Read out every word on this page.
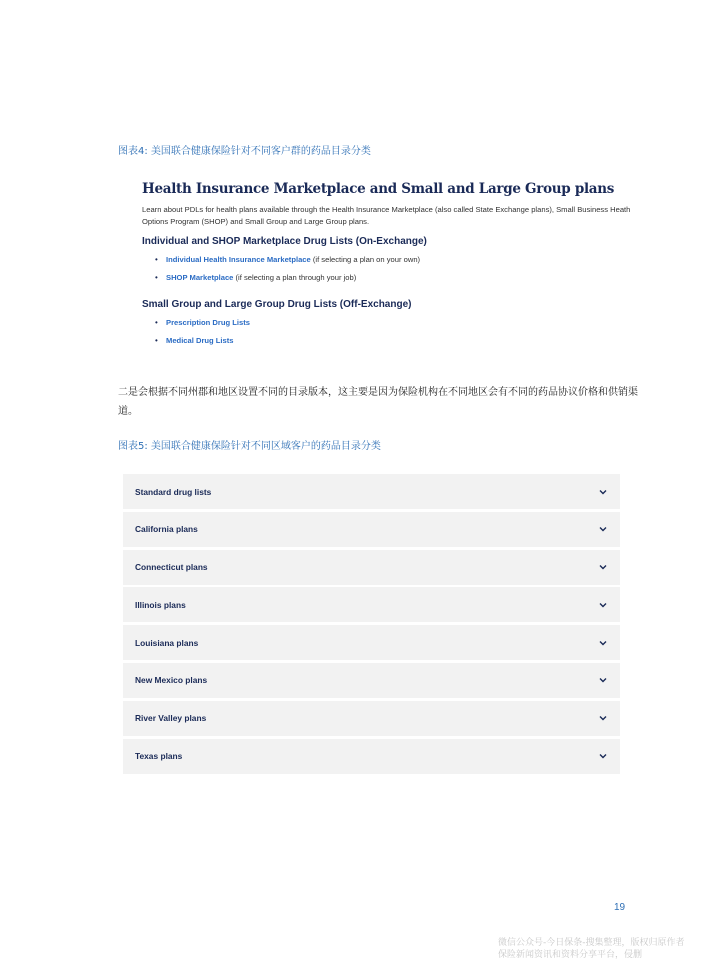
图表4: 美国联合健康保险针对不同客户群的药品目录分类
Health Insurance Marketplace and Small and Large Group plans

Learn about PDLs for health plans available through the Health Insurance Marketplace (also called State Exchange plans), Small Business Heath Options Program (SHOP) and Small Group and Large Group plans.

Individual and SHOP Marketplace Drug Lists (On-Exchange)
• Individual Health Insurance Marketplace (if selecting a plan on your own)
• SHOP Marketplace (if selecting a plan through your job)
Small Group and Large Group Drug Lists (Off-Exchange)
• Prescription Drug Lists
• Medical Drug Lists

二是会根据不同州郡和地区设置不同的目录版本，这主要是因为保险机构在不同地区会有不同的药品协议价格和供销渠道。

图表5: 美国联合健康保险针对不同区域客户的药品目录分类
Standard drug lists
California plans
Connecticut plans
Illinois plans
Louisiana plans
New Mexico plans
River Valley plans
Texas plans
19

微信公众号-今日保条-搜集整理，版权归原作者
保险新闻资讯和资料分享平台，侵删
